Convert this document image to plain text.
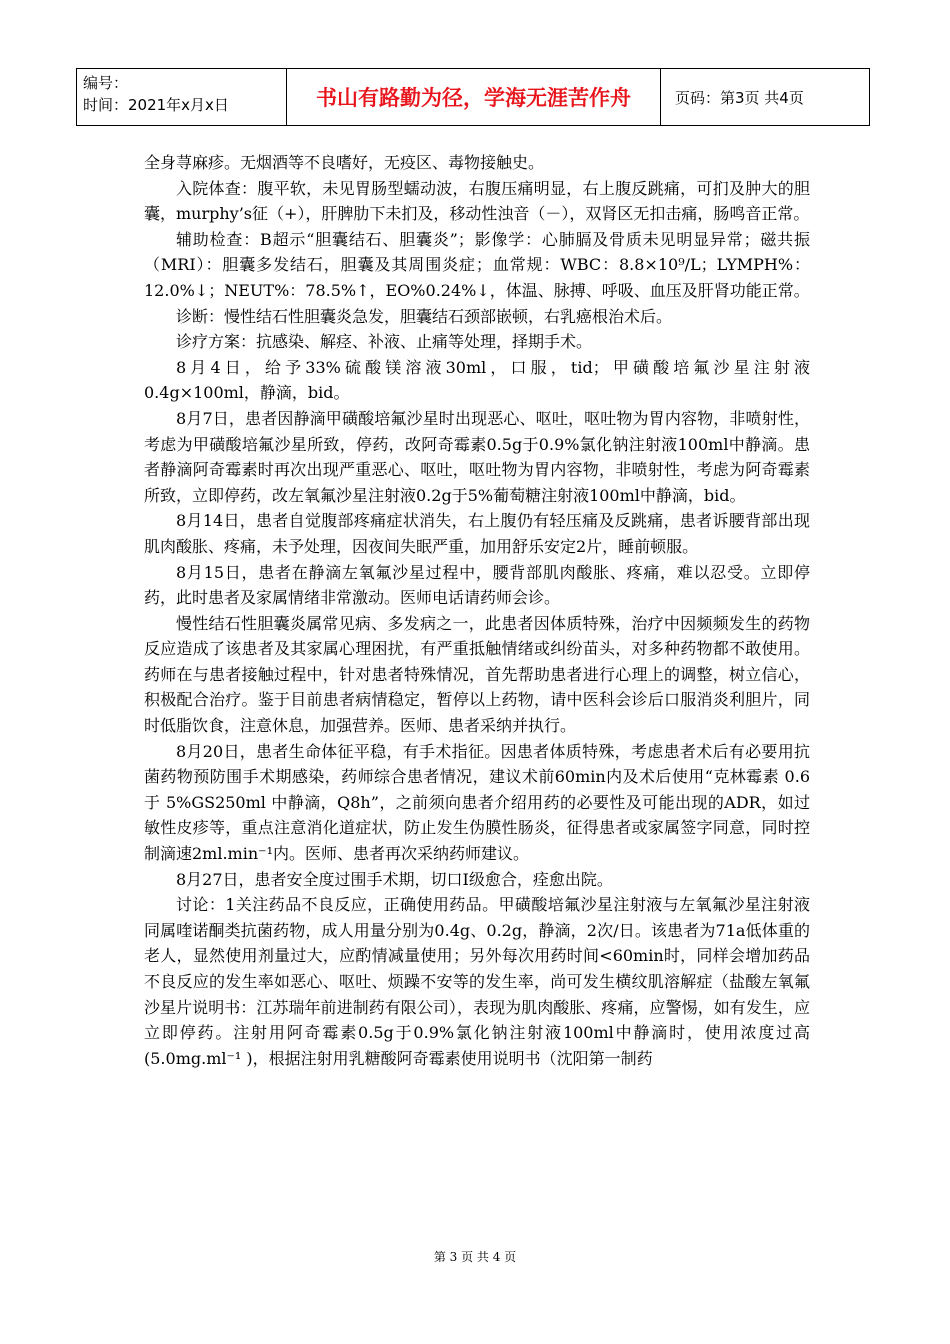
编号：
时间：2021年x月x日	书山有路勤为径，学海无涯苦作舟	页码：第3页 共4页

全身荨麻疹。无烟酒等不良嗜好，无疫区、毒物接触史。

入院体查：腹平软，未见胃肠型蠕动波，右腹压痛明显，右上腹反跳痛，可扪及肿大的胆囊，murphy’s征（+），肝脾肋下未扪及，移动性浊音（－），双肾区无扣击痛，肠鸣音正常。

辅助检查：B超示“胆囊结石、胆囊炎”；影像学：心肺膈及骨质未见明显异常；磁共振（MRI）：胆囊多发结石，胆囊及其周围炎症；血常规：WBC：8.8×10⁹/L；LYMPH%：12.0%↓；NEUT%：78.5%↑，EO%0.24%↓，体温、脉搏、呼吸、血压及肝肾功能正常。

诊断：慢性结石性胆囊炎急发，胆囊结石颈部嵌顿，右乳癌根治术后。

诊疗方案：抗感染、解痉、补液、止痛等处理，择期手术。

8月4日，给予33%硫酸镁溶液30ml，口服，tid；甲磺酸培氟沙星注射液0.4g×100ml，静滴，bid。

8月7日，患者因静滴甲磺酸培氟沙星时出现恶心、呕吐，呕吐物为胃内容物，非喷射性，考虑为甲磺酸培氟沙星所致，停药，改阿奇霉素0.5g于0.9%氯化钠注射液100ml中静滴。患者静滴阿奇霉素时再次出现严重恶心、呕吐，呕吐物为胃内容物，非喷射性，考虑为阿奇霉素所致，立即停药，改左氧氟沙星注射液0.2g于5%葡萄糖注射液100ml中静滴，bid。

8月14日，患者自觉腹部疼痛症状消失，右上腹仍有轻压痛及反跳痛，患者诉腰背部出现肌肉酸胀、疼痛，未予处理，因夜间失眠严重，加用舒乐安定2片，睡前顿服。

8月15日，患者在静滴左氧氟沙星过程中，腰背部肌肉酸胀、疼痛，难以忍受。立即停药，此时患者及家属情绪非常激动。医师电话请药师会诊。

慢性结石性胆囊炎属常见病、多发病之一，此患者因体质特殊，治疗中因频频发生的药物反应造成了该患者及其家属心理困扰，有严重抵触情绪或纠纷苗头，对多种药物都不敢使用。药师在与患者接触过程中，针对患者特殊情况，首先帮助患者进行心理上的调整，树立信心，积极配合治疗。鉴于目前患者病情稳定，暂停以上药物，请中医科会诊后口服消炎利胆片，同时低脂饮食，注意休息，加强营养。医师、患者采纳并执行。

8月20日，患者生命体征平稳，有手术指征。因患者体质特殊，考虑患者术后有必要用抗菌药物预防围手术期感染，药师综合患者情况，建议术前60min内及术后使用“克林霉素 0.6 于 5%GS250ml 中静滴，Q8h”，之前须向患者介绍用药的必要性及可能出现的ADR，如过敏性皮疹等，重点注意消化道症状，防止发生伪膜性肠炎，征得患者或家属签字同意，同时控制滴速2ml.min⁻¹内。医师、患者再次采纳药师建议。

8月27日，患者安全度过围手术期，切口Ⅰ级愈合，痊愈出院。

讨论：1关注药品不良反应，正确使用药品。甲磺酸培氟沙星注射液与左氧氟沙星注射液同属喹诺酮类抗菌药物，成人用量分别为0.4g、0.2g，静滴，2次/日。该患者为71a低体重的老人，显然使用剂量过大，应酌情减量使用；另外每次用药时间<60min时，同样会增加药品不良反应的发生率如恶心、呕吐、烦躁不安等的发生率，尚可发生横纹肌溶解症（盐酸左氧氟沙星片说明书：江苏瑞年前进制药有限公司），表现为肌肉酸胀、疼痛，应警惕，如有发生，应立即停药。注射用阿奇霉素0.5g于0.9%氯化钠注射液100ml中静滴时，使用浓度过高(5.0mg.ml⁻¹ )，根据注射用乳糖酸阿奇霉素使用说明书（沈阳第一制药

第 3 页 共 4 页
